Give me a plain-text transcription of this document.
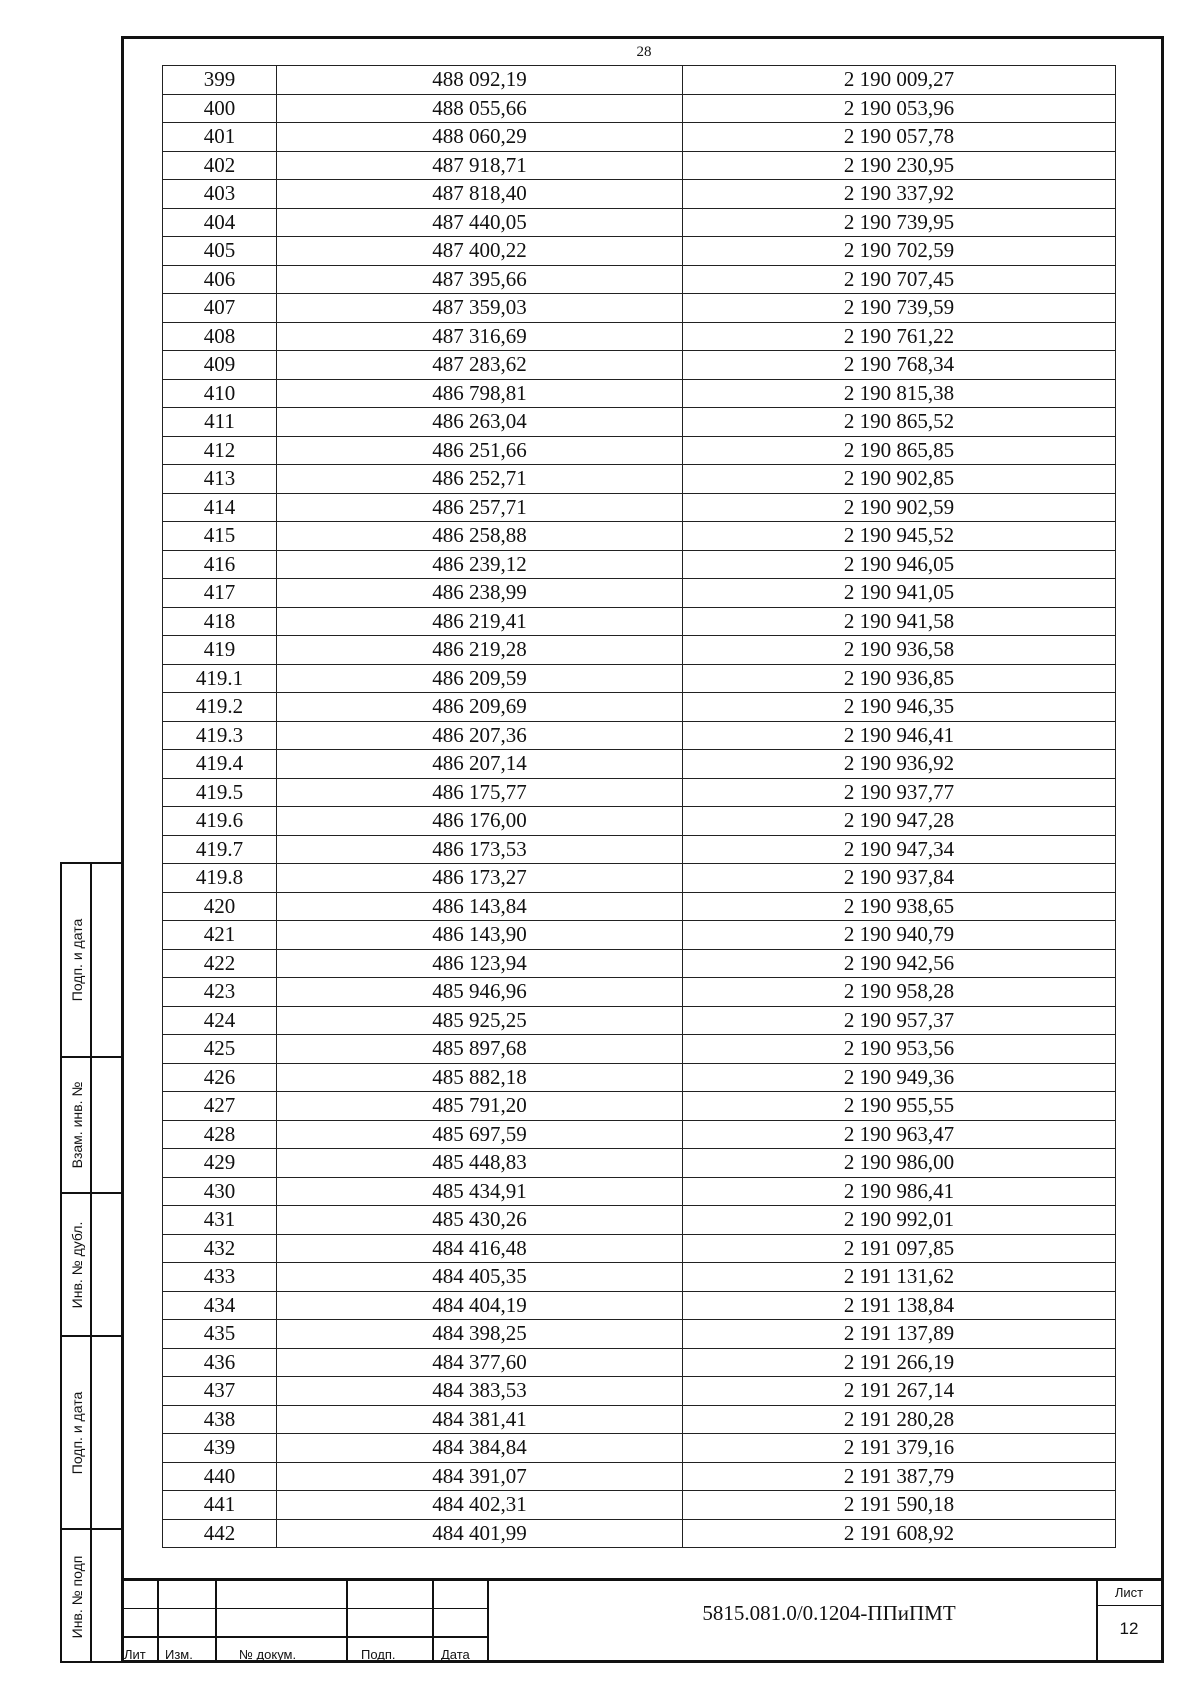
28
399	488 092,19	2 190 009,27
400	488 055,66	2 190 053,96
401	488 060,29	2 190 057,78
402	487 918,71	2 190 230,95
403	487 818,40	2 190 337,92
404	487 440,05	2 190 739,95
405	487 400,22	2 190 702,59
406	487 395,66	2 190 707,45
407	487 359,03	2 190 739,59
408	487 316,69	2 190 761,22
409	487 283,62	2 190 768,34
410	486 798,81	2 190 815,38
411	486 263,04	2 190 865,52
412	486 251,66	2 190 865,85
413	486 252,71	2 190 902,85
414	486 257,71	2 190 902,59
415	486 258,88	2 190 945,52
416	486 239,12	2 190 946,05
417	486 238,99	2 190 941,05
418	486 219,41	2 190 941,58
419	486 219,28	2 190 936,58
419.1	486 209,59	2 190 936,85
419.2	486 209,69	2 190 946,35
419.3	486 207,36	2 190 946,41
419.4	486 207,14	2 190 936,92
419.5	486 175,77	2 190 937,77
419.6	486 176,00	2 190 947,28
419.7	486 173,53	2 190 947,34
419.8	486 173,27	2 190 937,84
420	486 143,84	2 190 938,65
421	486 143,90	2 190 940,79
422	486 123,94	2 190 942,56
423	485 946,96	2 190 958,28
424	485 925,25	2 190 957,37
425	485 897,68	2 190 953,56
426	485 882,18	2 190 949,36
427	485 791,20	2 190 955,55
428	485 697,59	2 190 963,47
429	485 448,83	2 190 986,00
430	485 434,91	2 190 986,41
431	485 430,26	2 190 992,01
432	484 416,48	2 191 097,85
433	484 405,35	2 191 131,62
434	484 404,19	2 191 138,84
435	484 398,25	2 191 137,89
436	484 377,60	2 191 266,19
437	484 383,53	2 191 267,14
438	484 381,41	2 191 280,28
439	484 384,84	2 191 379,16
440	484 391,07	2 191 387,79
441	484 402,31	2 191 590,18
442	484 401,99	2 191 608,92
Подп. и дата
Взам. инв. №
Инв. № дубл.
Подп. и дата
Инв. № подп
Лит Изм.	№ докум.	Подп.	Дата
5815.081.0/0.1204-ППиПМТ
Лист
12
